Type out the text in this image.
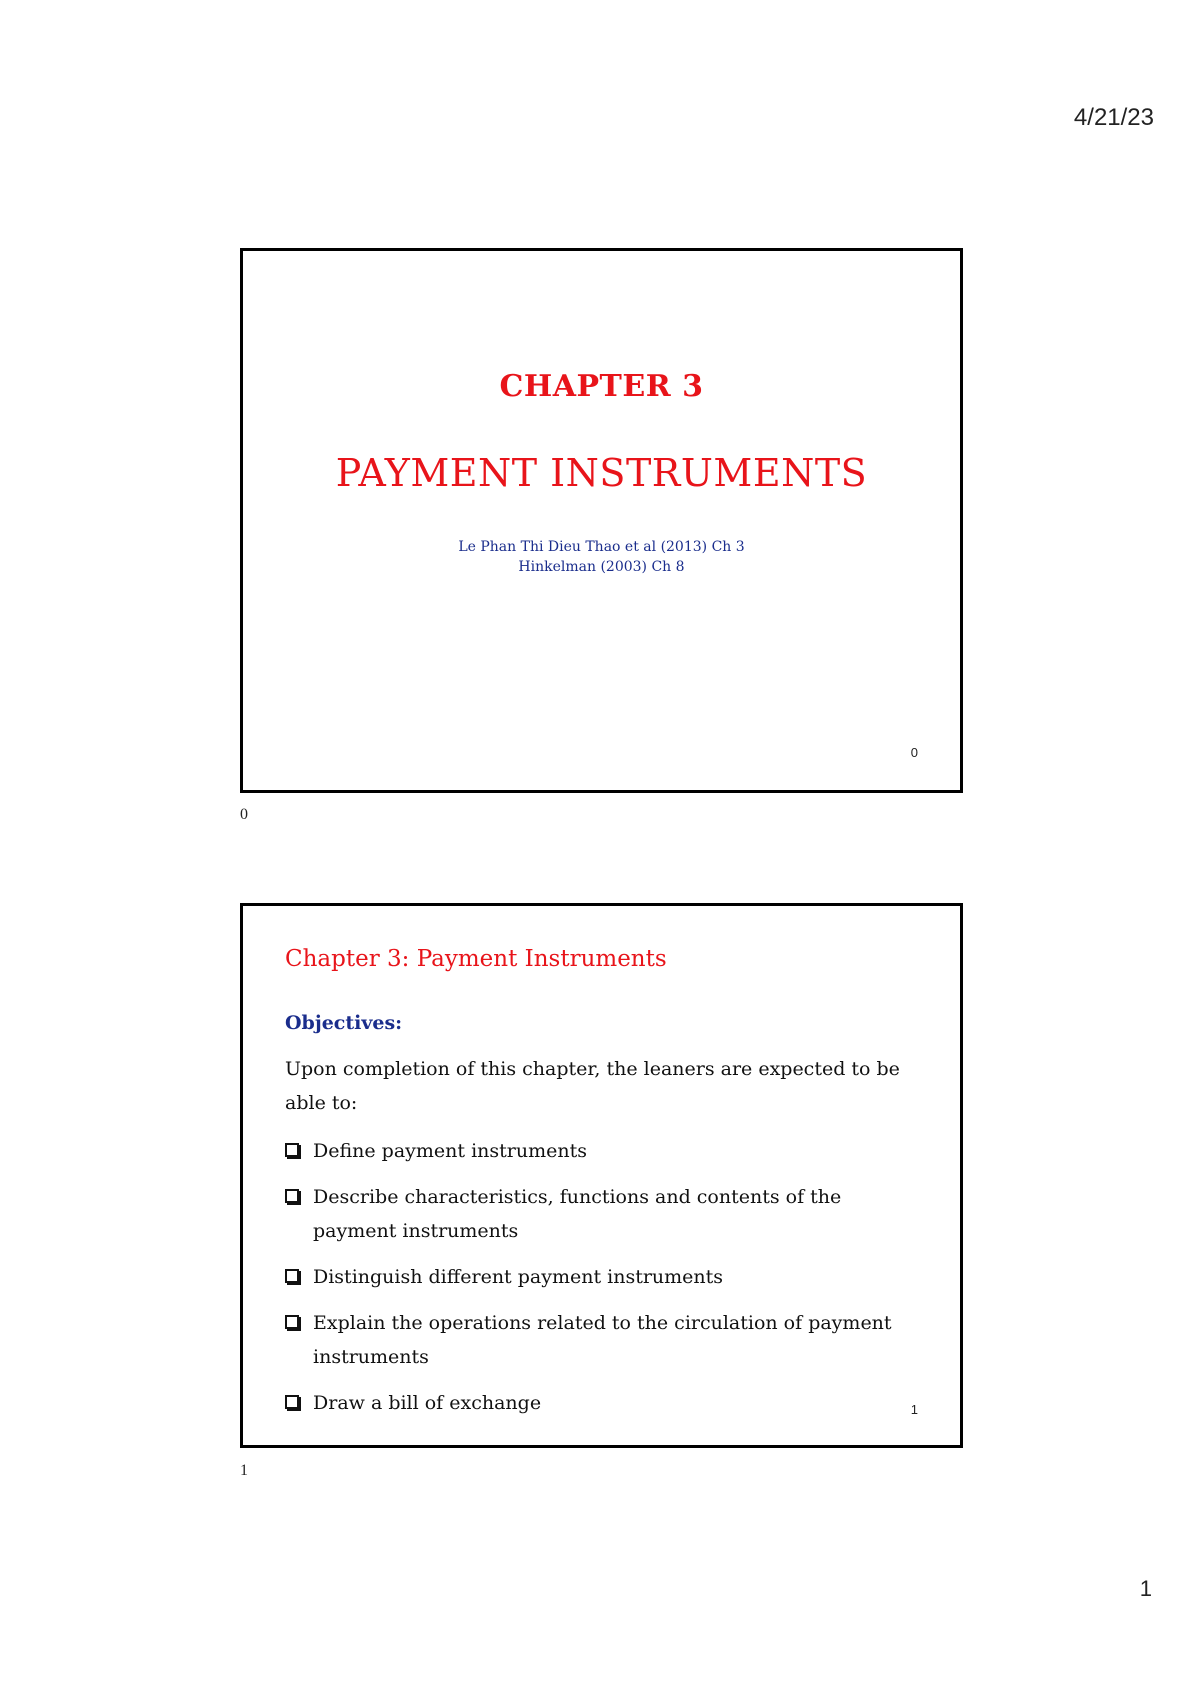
4/21/23
CHAPTER 3
PAYMENT INSTRUMENTS
Le Phan Thi Dieu Thao et al (2013) Ch 3
Hinkelman (2003) Ch 8
0
0
Chapter 3: Payment Instruments
Objectives:
Upon completion of this chapter, the leaners are expected to be able to:
Define payment instruments
Describe characteristics, functions and contents of the payment instruments
Distinguish different payment instruments
Explain the operations related to the circulation of payment instruments
Draw a bill of exchange	1
1
1
